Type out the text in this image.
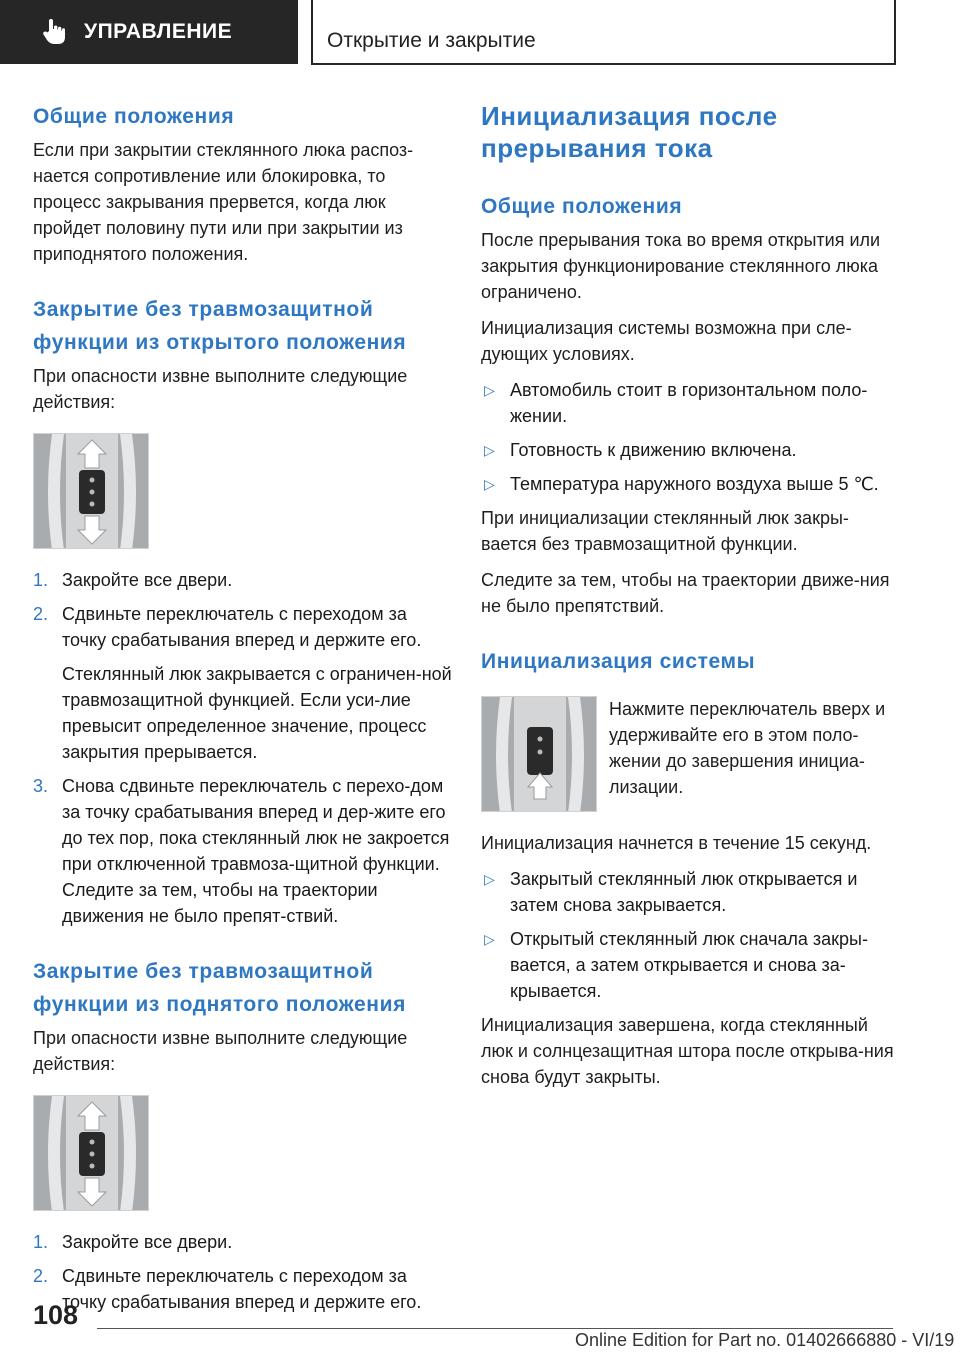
УПРАВЛЕНИЕ	Открытие и закрытие
Общие положения

Если при закрытии стеклянного люка распоз-нается сопротивление или блокировка, то процесс закрывания прервется, когда люк пройдет половину пути или при закрытии из приподнятого положения.

Закрытие без травмозащитной функции из открытого положения

При опасности извне выполните следующие действия:

1. Закройте все двери.
2. Сдвиньте переключатель с переходом за точку срабатывания вперед и держите его.
Стеклянный люк закрывается с ограничен-ной травмозащитной функцией. Если уси-лие превысит определенное значение, процесс закрытия прерывается.
3. Снова сдвиньте переключатель с перехо-дом за точку срабатывания вперед и дер-жите его до тех пор, пока стеклянный люк не закроется при отключенной травмоза-щитной функции. Следите за тем, чтобы на траектории движения не было препят-ствий.
Закрытие без травмозащитной функции из поднятого положения

При опасности извне выполните следующие действия:

1. Закройте все двери.
2. Сдвиньте переключатель с переходом за точку срабатывания вперед и держите его.
Инициализация после прерывания тока
Общие положения

После прерывания тока во время открытия или закрытия функционирование стеклянного люка ограничено.

Инициализация системы возможна при сле-дующих условиях.

▷ Автомобиль стоит в горизонтальном поло-жении.
▷ Готовность к движению включена.
▷ Температура наружного воздуха выше 5 ℃.

При инициализации стеклянный люк закры-вается без травмозащитной функции.

Следите за тем, чтобы на траектории движе-ния не было препятствий.

Инициализация системы

Нажмите переключатель вверх и удерживайте его в этом поло-жении до завершения инициа-лизации.

Инициализация начнется в течение 15 секунд.

▷ Закрытый стеклянный люк открывается и затем снова закрывается.
▷ Открытый стеклянный люк сначала закры-вается, а затем открывается и снова за-крывается.

Инициализация завершена, когда стеклянный люк и солнцезащитная штора после открыва-ния снова будут закрыты.

108
Online Edition for Part no. 01402666880 - VI/19
